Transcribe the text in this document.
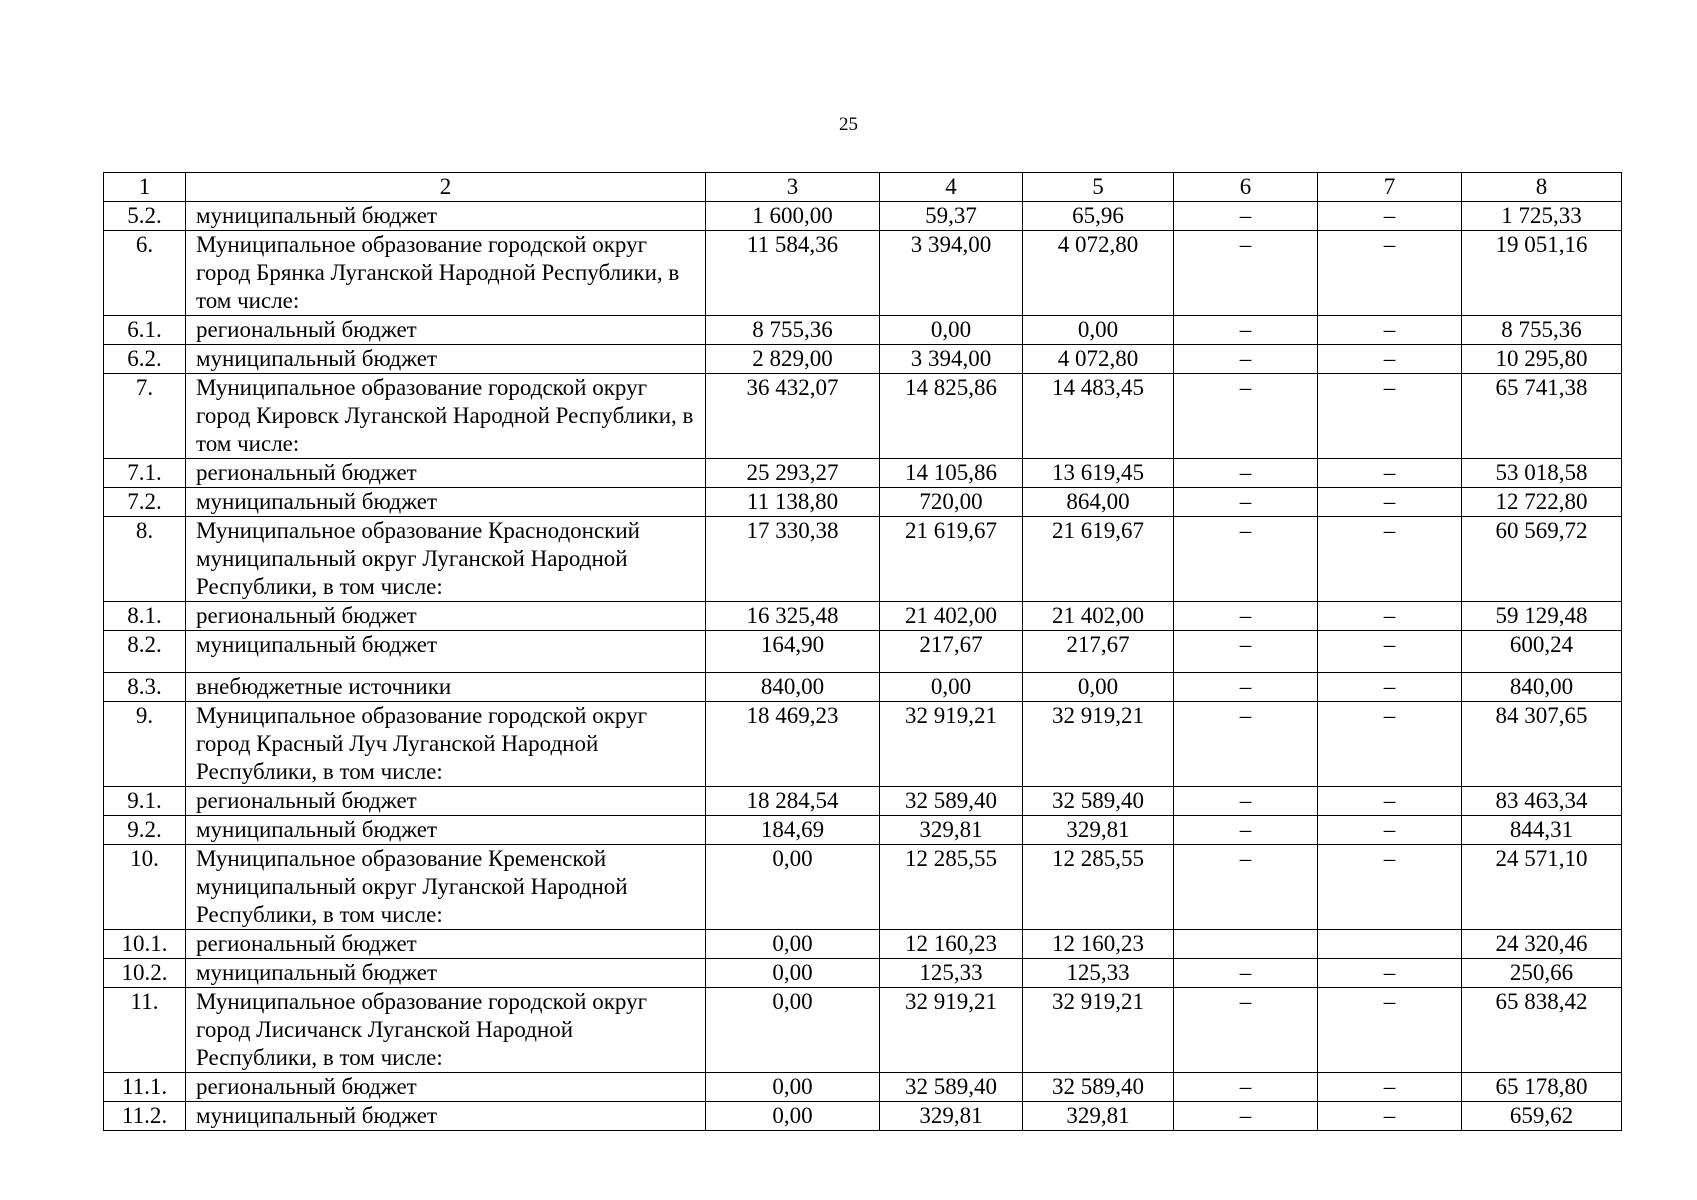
25
1	2	3	4	5	6	7	8
5.2.	муниципальный бюджет	1 600,00	59,37	65,96	–	–	1 725,33
6.	Муниципальное образование городской округ город Брянка Луганской Народной Республики, в том числе:	11 584,36	3 394,00	4 072,80	–	–	19 051,16
6.1.	региональный бюджет	8 755,36	0,00	0,00	–	–	8 755,36
6.2.	муниципальный бюджет	2 829,00	3 394,00	4 072,80	–	–	10 295,80
7.	Муниципальное образование городской округ город Кировск Луганской Народной Республики, в том числе:	36 432,07	14 825,86	14 483,45	–	–	65 741,38
7.1.	региональный бюджет	25 293,27	14 105,86	13 619,45	–	–	53 018,58
7.2.	муниципальный бюджет	11 138,80	720,00	864,00	–	–	12 722,80
8.	Муниципальное образование Краснодонский муниципальный округ Луганской Народной Республики, в том числе:	17 330,38	21 619,67	21 619,67	–	–	60 569,72
8.1.	региональный бюджет	16 325,48	21 402,00	21 402,00	–	–	59 129,48
8.2.	муниципальный бюджет	164,90	217,67	217,67	–	–	600,24
8.3.	внебюджетные источники	840,00	0,00	0,00	–	–	840,00
9.	Муниципальное образование городской округ город Красный Луч Луганской Народной Республики, в том числе:	18 469,23	32 919,21	32 919,21	–	–	84 307,65
9.1.	региональный бюджет	18 284,54	32 589,40	32 589,40	–	–	83 463,34
9.2.	муниципальный бюджет	184,69	329,81	329,81	–	–	844,31
10.	Муниципальное образование Кременской муниципальный округ Луганской Народной Республики, в том числе:	0,00	12 285,55	12 285,55	–	–	24 571,10
10.1.	региональный бюджет	0,00	12 160,23	12 160,23			24 320,46
10.2.	муниципальный бюджет	0,00	125,33	125,33	–	–	250,66
11.	Муниципальное образование городской округ город Лисичанск Луганской Народной Республики, в том числе:	0,00	32 919,21	32 919,21	–	–	65 838,42
11.1.	региональный бюджет	0,00	32 589,40	32 589,40	–	–	65 178,80
11.2.	муниципальный бюджет	0,00	329,81	329,81	–	–	659,62
